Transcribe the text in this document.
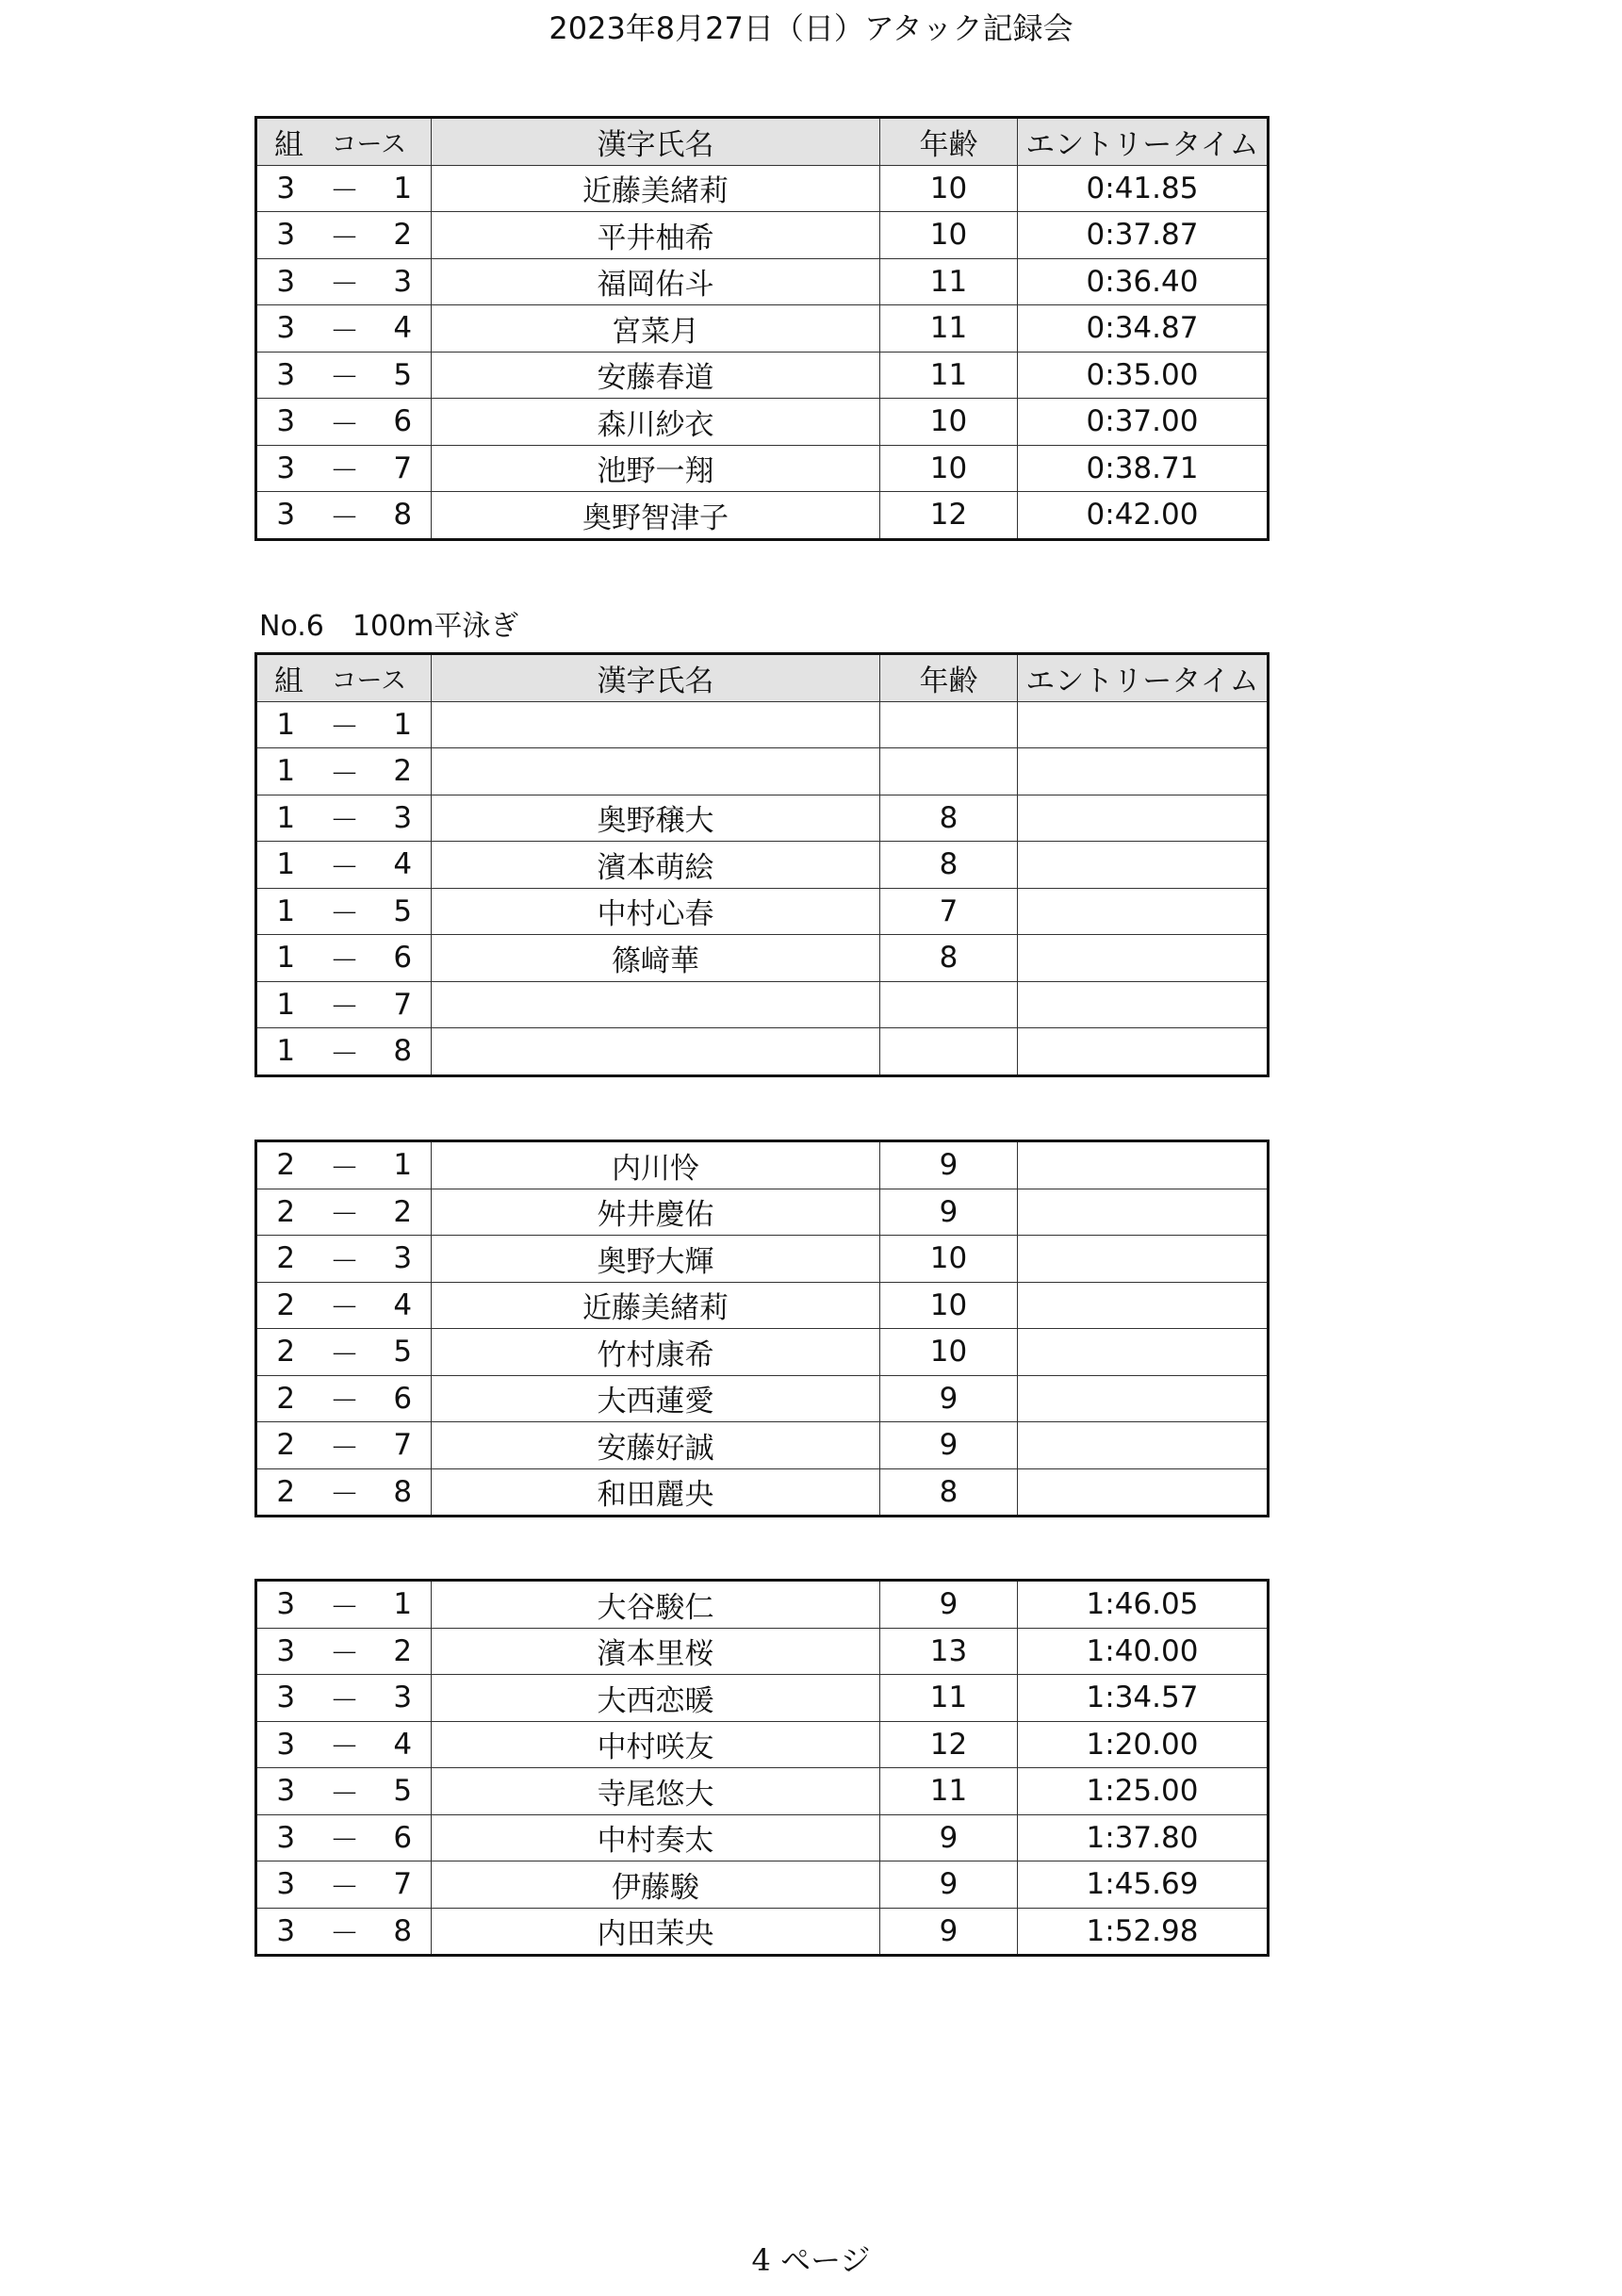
2023年8月27日（日）アタック記録会
組	コース		漢字氏名	年齢	エントリータイム
3	－	1	近藤美緒莉	10	0:41.85
3	－	2	平井柚希	10	0:37.87
3	－	3	福岡佑斗	11	0:36.40
3	－	4	宮菜月	11	0:34.87
3	－	5	安藤春道	11	0:35.00
3	－	6	森川紗衣	10	0:37.00
3	－	7	池野一翔	10	0:38.71
3	－	8	奥野智津子	12	0:42.00
No.6　100m平泳ぎ
組	コース		漢字氏名	年齢	エントリータイム
1	－	1			
1	－	2			
1	－	3	奥野穣大	8	
1	－	4	濱本萌絵	8	
1	－	5	中村心春	7	
1	－	6	篠﨑華	8	
1	－	7			
1	－	8			
2	－	1	内川怜	9	
2	－	2	舛井慶佑	9	
2	－	3	奥野大輝	10	
2	－	4	近藤美緒莉	10	
2	－	5	竹村康希	10	
2	－	6	大西蓮愛	9	
2	－	7	安藤好誠	9	
2	－	8	和田麗央	8	
3	－	1	大谷駿仁	9	1:46.05
3	－	2	濱本里桜	13	1:40.00
3	－	3	大西恋暖	11	1:34.57
3	－	4	中村咲友	12	1:20.00
3	－	5	寺尾悠大	11	1:25.00
3	－	6	中村奏太	9	1:37.80
3	－	7	伊藤駿	9	1:45.69
3	－	8	内田茉央	9	1:52.98
4 ページ
